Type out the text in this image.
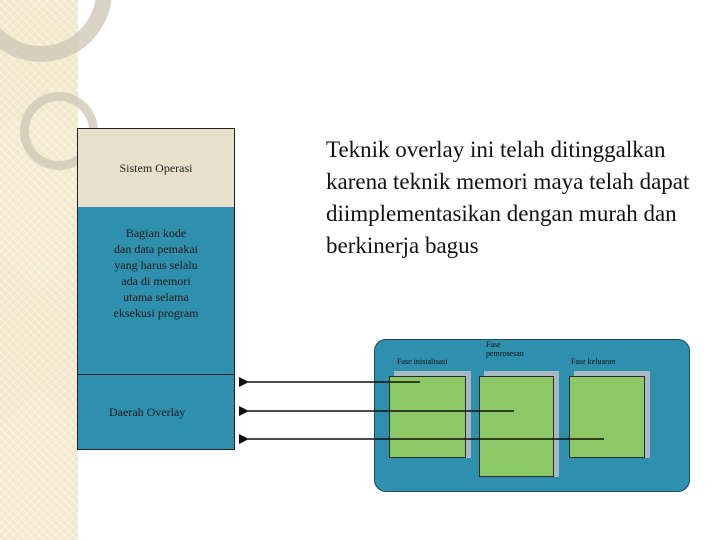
Sistem Operasi
Bagian kode
dan data pemakai
yang harus selalu
ada di memori
utama selama
eksekusi program
Daerah Overlay

Teknik overlay ini telah ditinggalkan karena teknik memori maya telah dapat diimplementasikan dengan murah dan berkinerja bagus

Fase inisialisasi
Fase
pemrosesan
Fase keluaran
